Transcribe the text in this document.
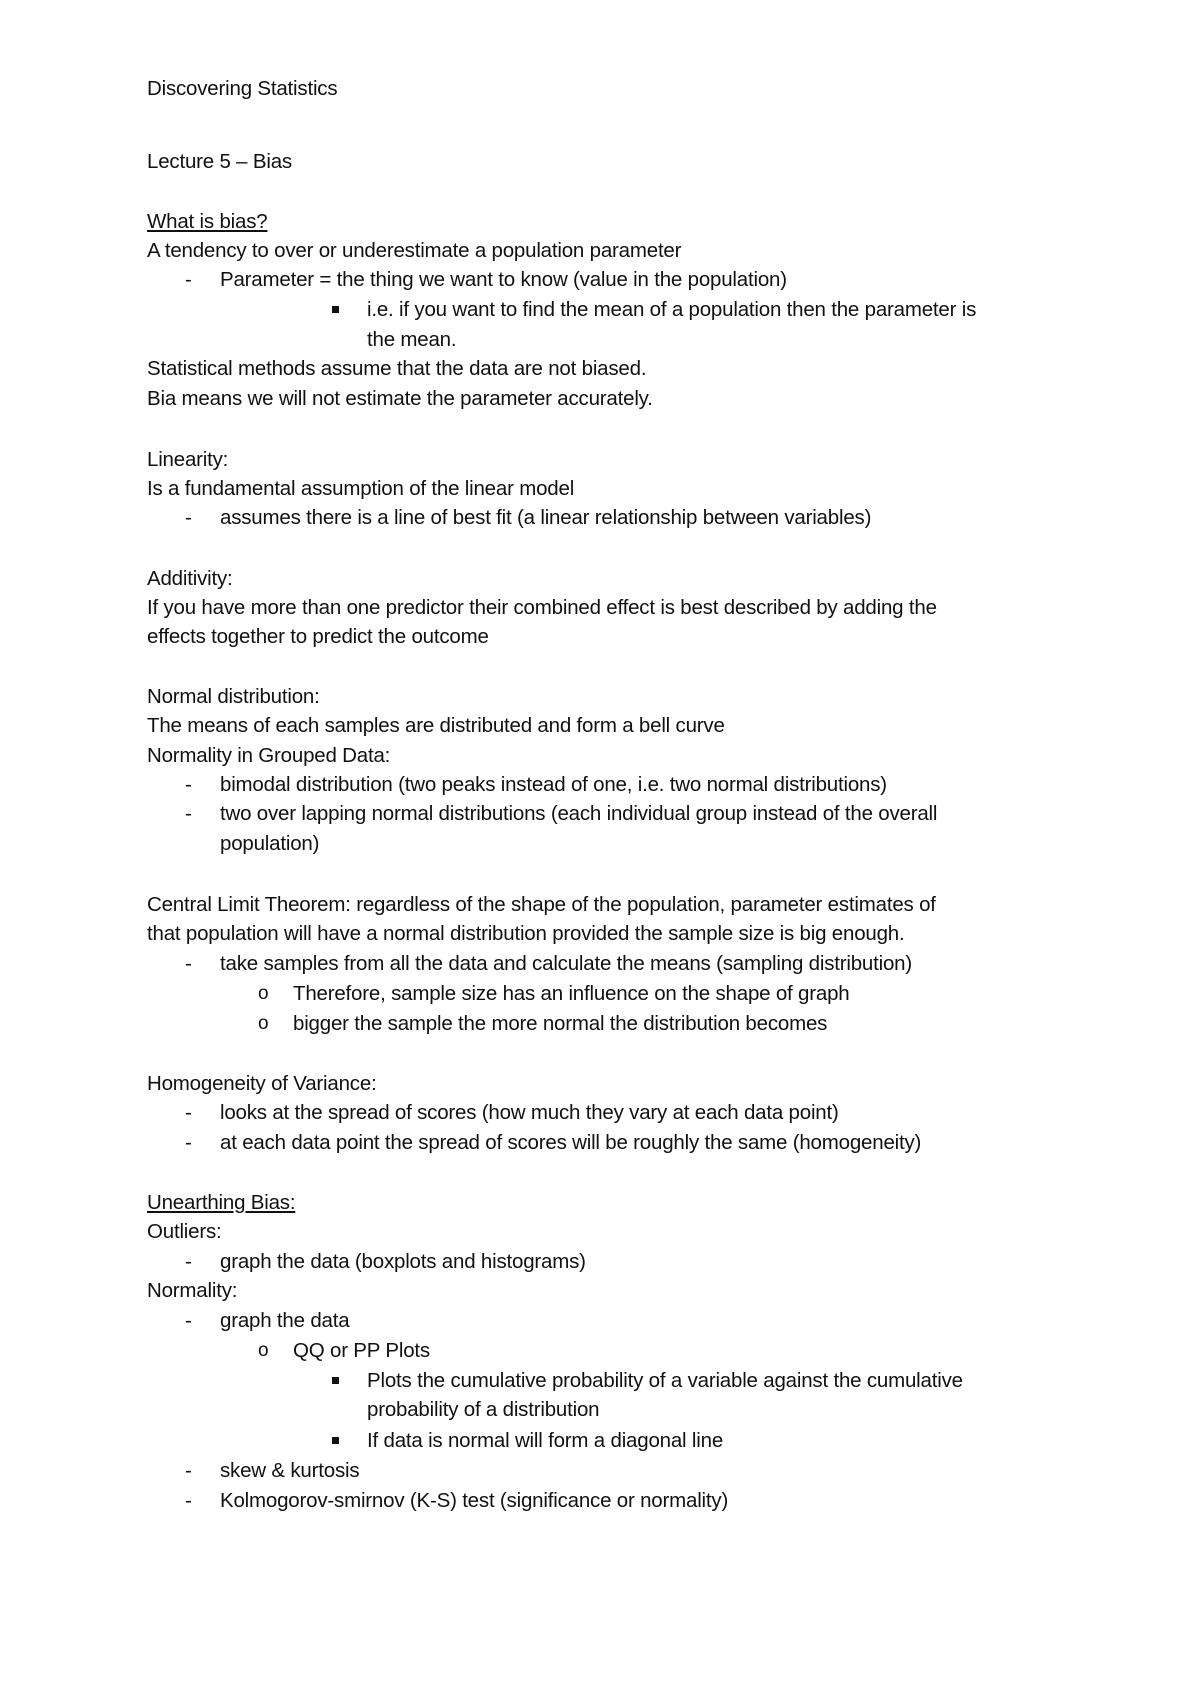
Discovering Statistics
Lecture 5 – Bias
What is bias?
A tendency to over or underestimate a population parameter
- Parameter = the thing we want to know (value in the population)
i.e. if you want to find the mean of a population then the parameter is
the mean.
Statistical methods assume that the data are not biased.
Bia means we will not estimate the parameter accurately.
Linearity:
Is a fundamental assumption of the linear model
- assumes there is a line of best fit (a linear relationship between variables)
Additivity:
If you have more than one predictor their combined effect is best described by adding the
effects together to predict the outcome
Normal distribution:
The means of each samples are distributed and form a bell curve
Normality in Grouped Data:
- bimodal distribution (two peaks instead of one, i.e. two normal distributions)
- two over lapping normal distributions (each individual group instead of the overall
population)
Central Limit Theorem: regardless of the shape of the population, parameter estimates of
that population will have a normal distribution provided the sample size is big enough.
- take samples from all the data and calculate the means (sampling distribution)
o Therefore, sample size has an influence on the shape of graph
o bigger the sample the more normal the distribution becomes
Homogeneity of Variance:
- looks at the spread of scores (how much they vary at each data point)
- at each data point the spread of scores will be roughly the same (homogeneity)
Unearthing Bias:
Outliers:
- graph the data (boxplots and histograms)
Normality:
- graph the data
o QQ or PP Plots
Plots the cumulative probability of a variable against the cumulative
probability of a distribution
If data is normal will form a diagonal line
- skew & kurtosis
- Kolmogorov-smirnov (K-S) test (significance or normality)
